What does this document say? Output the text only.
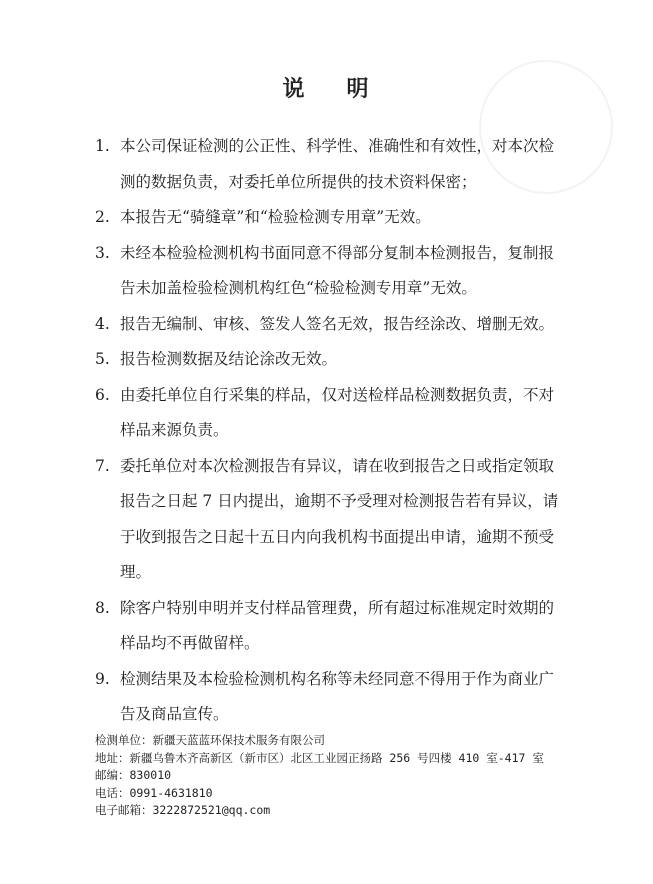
说 明
1. 本公司保证检测的公正性、科学性、准确性和有效性，对本次检测的数据负责，对委托单位所提供的技术资料保密；
2. 本报告无“骑缝章”和“检验检测专用章”无效。
3. 未经本检验检测机构书面同意不得部分复制本检测报告，复制报告未加盖检验检测机构红色“检验检测专用章”无效。
4. 报告无编制、审核、签发人签名无效，报告经涂改、增删无效。
5. 报告检测数据及结论涂改无效。
6. 由委托单位自行采集的样品，仅对送检样品检测数据负责，不对样品来源负责。
7. 委托单位对本次检测报告有异议，请在收到报告之日或指定领取报告之日起 7 日内提出，逾期不予受理对检测报告若有异议，请于收到报告之日起十五日内向我机构书面提出申请，逾期不预受理。
8. 除客户特别申明并支付样品管理费，所有超过标准规定时效期的样品均不再做留样。
9. 检测结果及本检验检测机构名称等未经同意不得用于作为商业广告及商品宣传。
检测单位：新疆天蓝蓝环保技术服务有限公司
地址：新疆乌鲁木齐高新区（新市区）北区工业园正扬路 256 号四楼 410 室-417 室
邮编：830010
电话：0991-4631810
电子邮箱：3222872521@qq.com
